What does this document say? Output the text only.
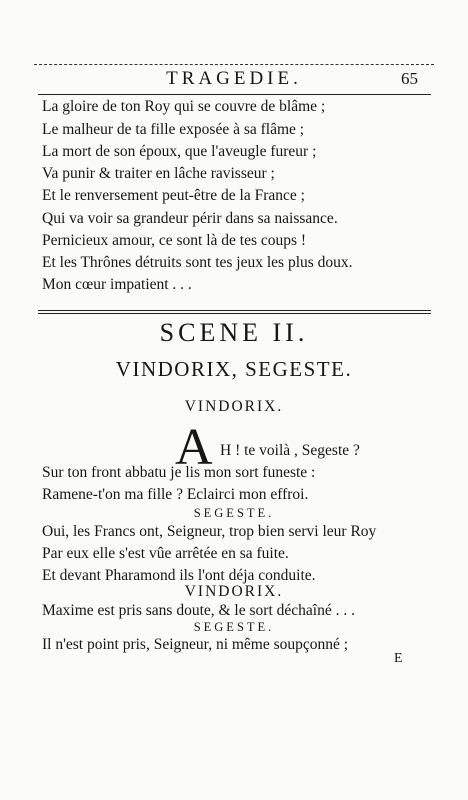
TRAGEDIE.	65
La gloire de ton Roy qui se couvre de blâme ;
Le malheur de ta fille exposée à sa flâme ;
La mort de son époux, que l'aveugle fureur ;
Va punir & traiter en lâche ravisseur ;
Et le renversement peut-être de la France ;
Qui va voir sa grandeur périr dans sa naissance.
Pernicieux amour, ce sont là de tes coups !
Et les Thrônes détruits sont tes jeux les plus doux.
Mon cœur impatient . . .
SCENE II.
VINDORIX, SEGESTE.
VINDORIX.
A H ! te voilà , Segeste ?
Sur ton front abbatu je lis mon sort funeste :
Ramene-t'on ma fille ? Eclairci mon effroi.
SEGESTE.
Oui, les Francs ont, Seigneur, trop bien servi leur Roy
Par eux elle s'est vûe arrêtée en sa fuite.
Et devant Pharamond ils l'ont déja conduite.
VINDORIX.
Maxime est pris sans doute, & le sort déchaîné . . .
SEGESTE.
Il n'est point pris, Seigneur, ni même soupçonné ;
E
